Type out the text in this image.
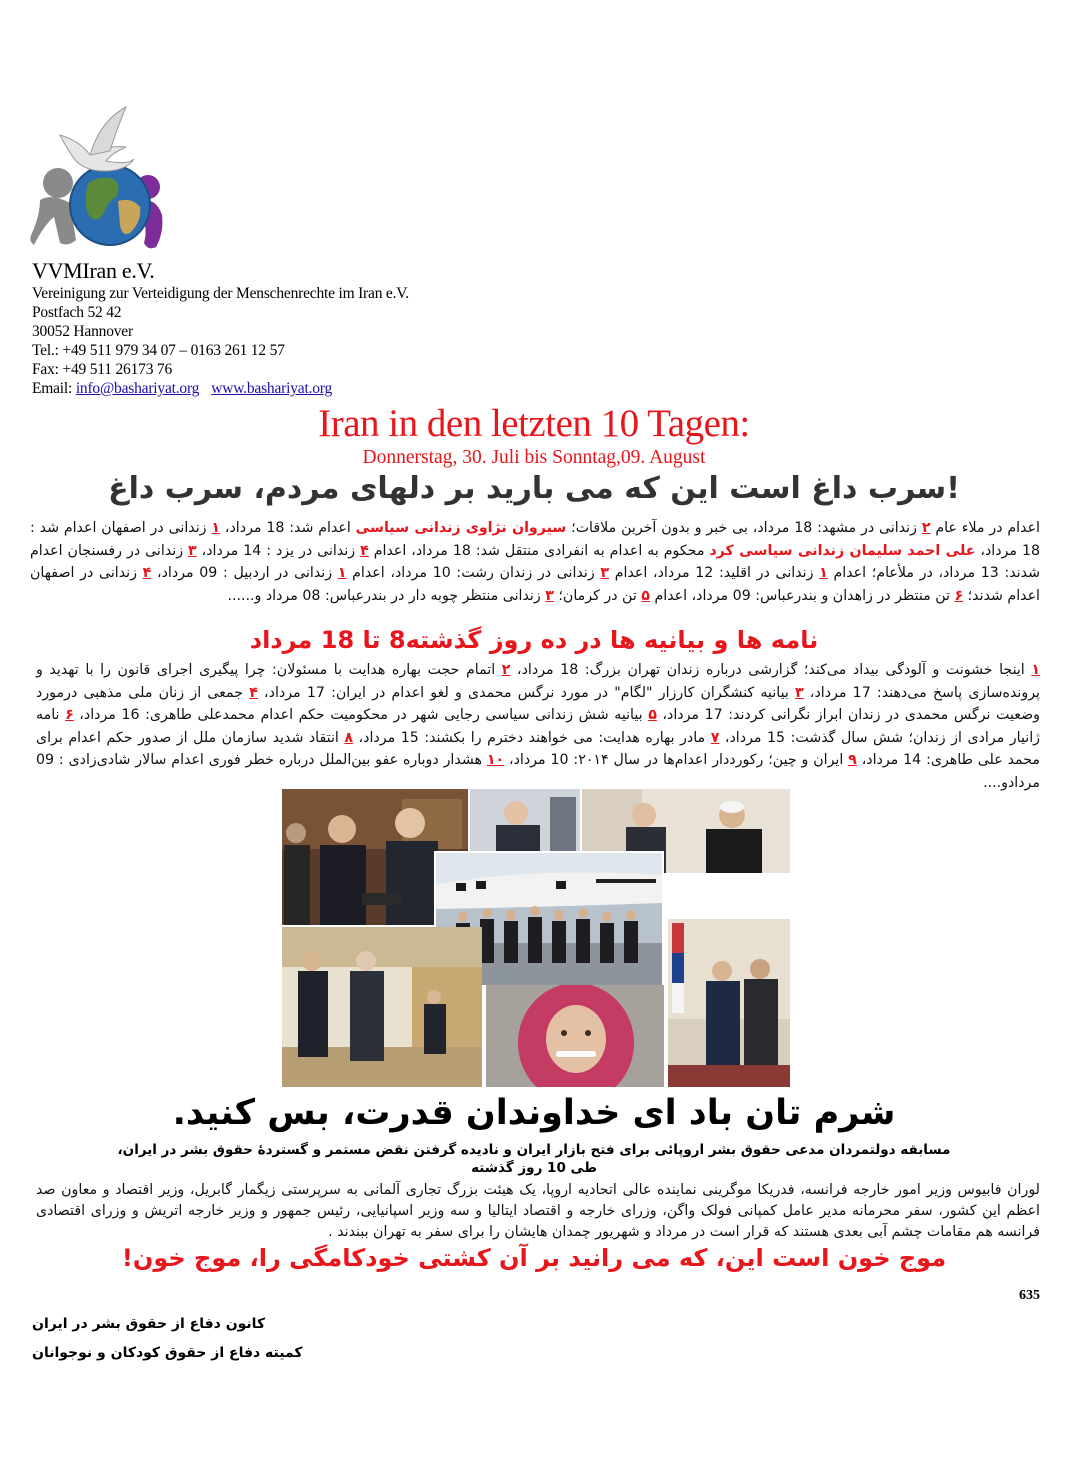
VVMIran e.V.
Vereinigung zur Verteidigung der Menschenrechte im Iran e.V.
Postfach 52 42
30052 Hannover
Tel.: +49 511 979 34 07 – 0163 261 12 57
Fax: +49 511 26173 76
Email: info@bashariyat.org www.bashariyat.org
Iran in den letzten 10 Tagen:
Donnerstag, 30. Juli bis Sonntag,09. August
سرب داغ است این که می بارید بر دلهای مردم، سرب داغ!
اعدام در ملاء عام ۲ زندانی در مشهد: 18 مرداد، بی خبر و بدون آخرین ملاقات؛ سیروان نژاوی زندانی سیاسی اعدام شد: 18 مرداد، ۱ زندانی در اصفهان اعدام شد : 18 مرداد، علی احمد سلیمان زندانی سیاسی کرد محکوم به اعدام به انفرادی منتقل شد: 18 مرداد، اعدام ۴ زندانی در یزد : 14 مرداد، ۳ زندانی در رفسنجان اعدام شدند: 13 مرداد، در ملأعام؛ اعدام ۱ زندانی در اقلید: 12 مرداد، اعدام ۳ زندانی در زندان رشت: 10 مرداد، اعدام ۱ زندانی در اردبیل : 09 مرداد، ۴ زندانی در اصفهان اعدام شدند؛ ۶ تن منتظر در زاهدان و بندرعباس: 09 مرداد، اعدام ۵ تن در کرمان؛ ۳ زندانی منتظر چوبه دار در بندرعباس: 08 مرداد و......
نامه ها و بیانیه ها در ده روز گذشته8 تا 18 مرداد
۱ اینجا خشونت و آلودگی بیداد می‌کند؛ گزارشی درباره زندان تهران بزرگ: 18 مرداد، ۲ اتمام حجت بهاره هدایت با مسئولان: چرا پیگیری اجرای قانون را با تهدید و پرونده‌سازی پاسخ می‌دهند: 17 مرداد، ۳ بیانیه کنشگران کارزار "لگام" در مورد نرگس محمدی و لغو اعدام در ایران: 17 مرداد، ۴ جمعی از زنان ملی مذهبی درمورد وضعیت نرگس محمدی در زندان ابراز نگرانی کردند: 17 مرداد، ۵ بیانیه شش زندانی سیاسی رجایی شهر در محکومیت حکم اعدام محمدعلی طاهری: 16 مرداد، ۶ نامه ژانیار مرادی از زندان؛ شش سال گذشت: 15 مرداد، ۷ مادر بهاره هدایت: می خواهند دخترم را بکشند: 15 مرداد، ۸ انتقاد شدید سازمان ملل از صدور حکم اعدام برای محمد علی طاهری: 14 مرداد، ۹ ایران و چین؛ رکورددار اعدام‌ها در سال ۲۰۱۴: 10 مرداد، ۱۰ هشدار دوباره عفو بین‌الملل درباره خطر فوری اعدام سالار شادی‌زادی : 09 مردادو....
شرم تان باد ای خداوندان قدرت، بس کنید.
مسابقه دولتمردان مدعی حقوق بشر اروپائی برای فتح بازار ایران و نادیده گرفتن نقض مستمر و گستردهٔ حقوق بشر در ایران،
طی 10 روز گذشته
لوران فابیوس وزیر امور خارجه فرانسه، فدریکا موگرینی نماینده عالی اتحادیه اروپا، یک هیئت بزرگ تجاری آلمانی به سرپرستی زیگمار گابریل، وزیر اقتصاد و معاون صد اعظم این کشور، سفر محرمانه مدیر عامل کمپانی فولک واگن، وزرای خارجه و اقتصاد ایتالیا و سه وزیر اسپانیایی، رئیس جمهور و وزیر خارجه اتریش و وزرای اقتصادی فرانسه هم مقامات چشم آبی بعدی هستند که قرار است در مرداد و شهریور چمدان هایشان را برای سفر به تهران ببندند .
موج خون است این، که می رانید بر آن کشتی خودکامگی را، موج خون!
635
کانون دفاع از حقوق بشر در ایران
کمیته دفاع از حقوق کودکان و نوجوانان
